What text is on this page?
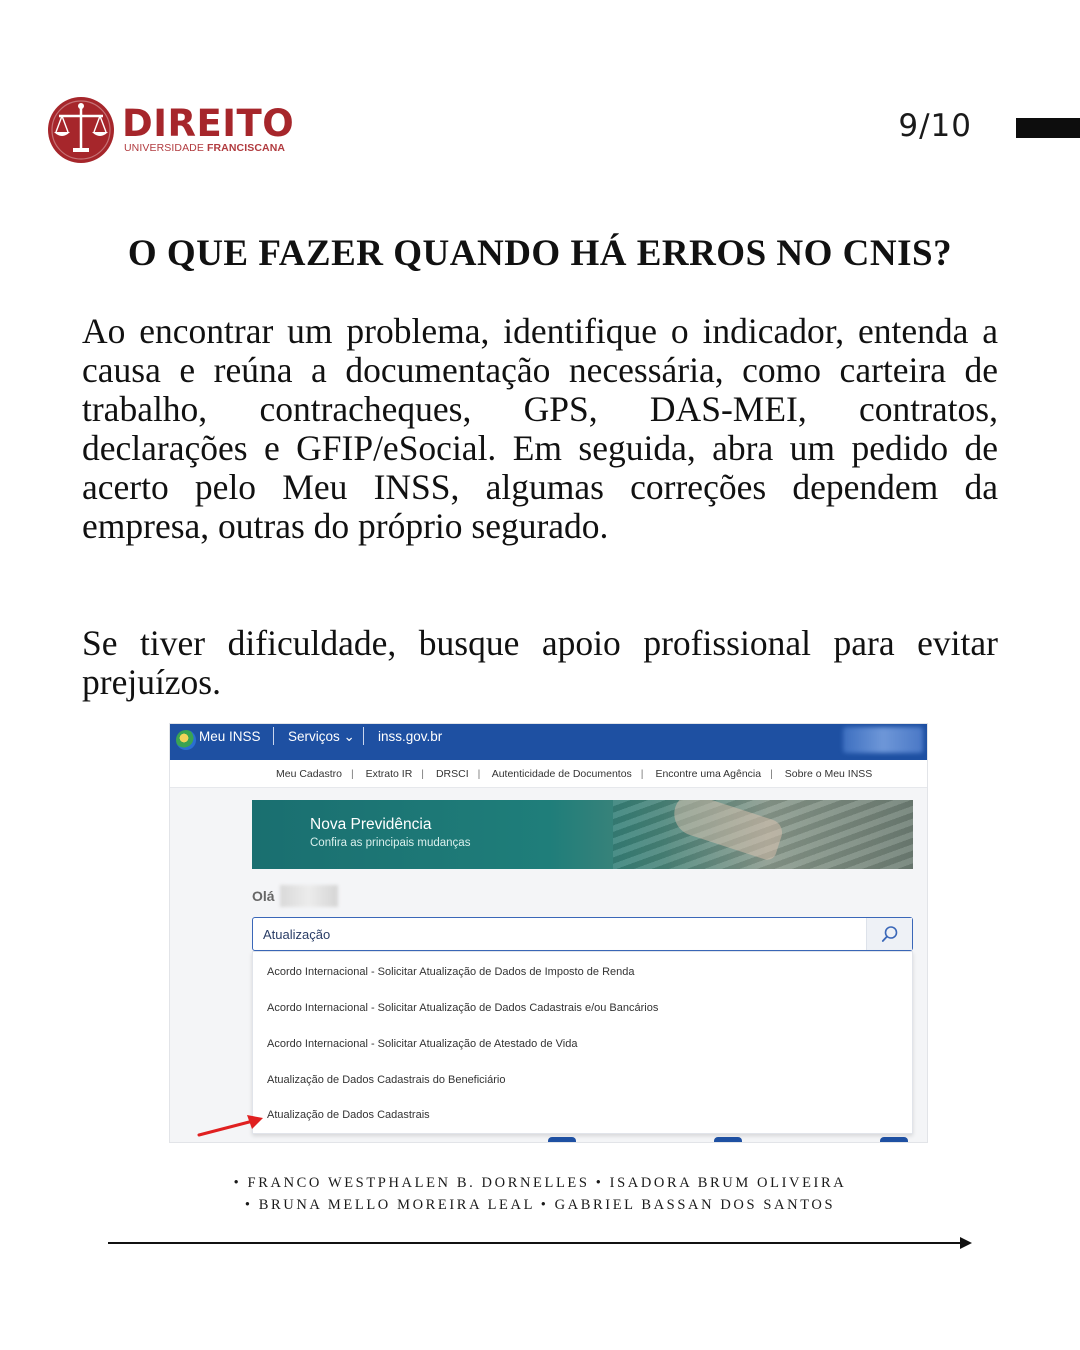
DIREITO
UNIVERSIDADE FRANCISCANA
9/10
O QUE FAZER QUANDO HÁ ERROS NO CNIS?

Ao encontrar um problema, identifique o indicador, entenda a causa e reúna a documentação necessária, como carteira de trabalho, contracheques, GPS, DAS-MEI, contratos, declarações e GFIP/eSocial. Em seguida, abra um pedido de acerto pelo Meu INSS, algumas correções dependem da empresa, outras do próprio segurado.

Se tiver dificuldade, busque apoio profissional para evitar prejuízos.

Meu INSS Serviços ⌄ inss.gov.br
Meu Cadastro | Extrato IR | DRSCI | Autenticidade de Documentos | Encontre uma Agência | Sobre o Meu INSS
Nova Previdência
Confira as principais mudanças
Olá
Atualização
Acordo Internacional - Solicitar Atualização de Dados de Imposto de Renda
Acordo Internacional - Solicitar Atualização de Dados Cadastrais e/ou Bancários
Acordo Internacional - Solicitar Atualização de Atestado de Vida
Atualização de Dados Cadastrais do Beneficiário
Atualização de Dados Cadastrais
• FRANCO WESTPHALEN B. DORNELLES • ISADORA BRUM OLIVEIRA
• BRUNA MELLO MOREIRA LEAL • GABRIEL BASSAN DOS SANTOS
